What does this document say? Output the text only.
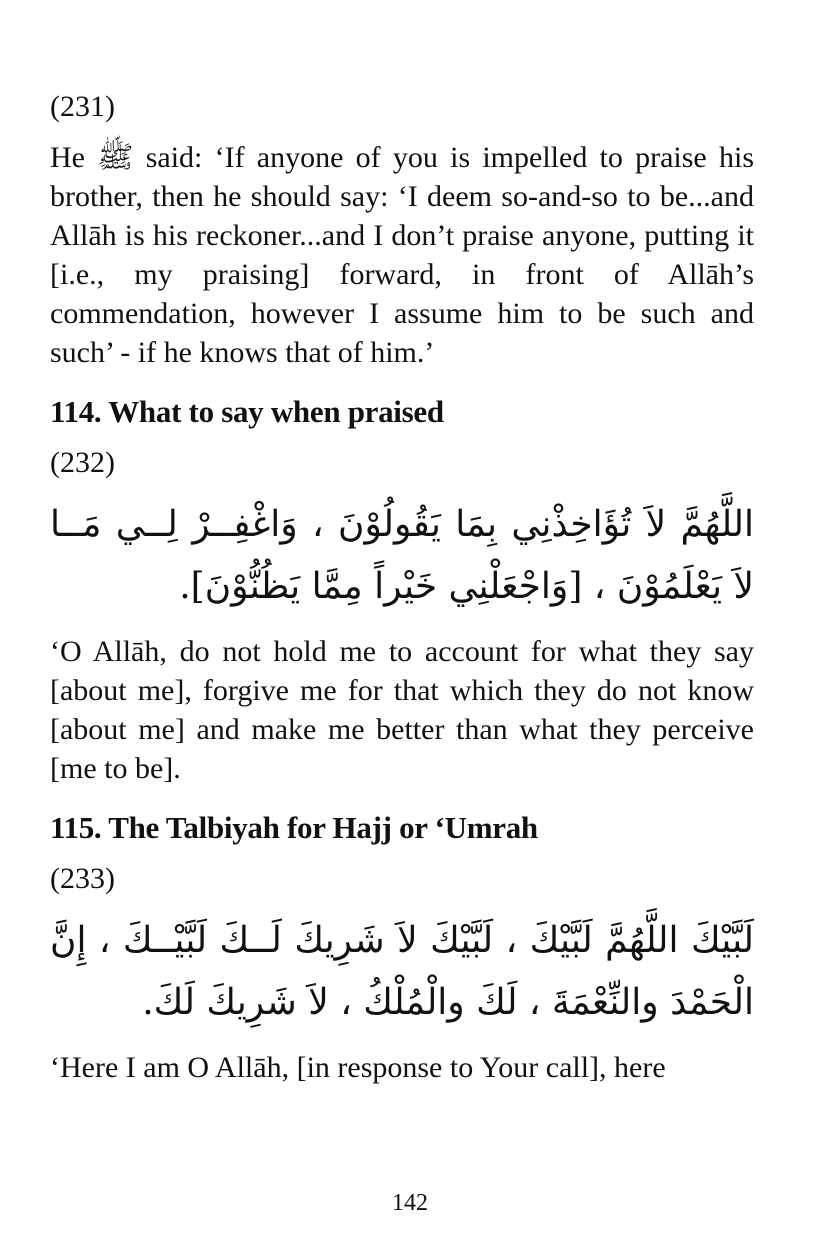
(231)

He ﷺ said: ‘If anyone of you is impelled to praise his brother, then he should say: ‘I deem so-and-so to be...and Allāh is his reckoner...and I don’t praise anyone, putting it [i.e., my praising] forward, in front of Allāh’s commendation, however I assume him to be such and such’ - if he knows that of him.’

114. What to say when praised
(232)
اللَّهُمَّ لاَ تُؤَاخِذْنِي بِمَا يَقُولُوْنَ ، وَاغْفِــرْ لِــي مَــا لاَ يَعْلَمُوْنَ ، [وَاجْعَلْنِي خَيْراً مِمَّا يَظُنُّوْنَ].

‘O Allāh, do not hold me to account for what they say [about me], forgive me for that which they do not know [about me] and make me better than what they perceive [me to be].

115. The Talbiyah for Hajj or ‘Umrah
(233)
لَبَّيْكَ اللَّهُمَّ لَبَّيْكَ ، لَبَّيْكَ لاَ شَرِيكَ لَــكَ لَبَّيْــكَ ، إِنَّ الْحَمْدَ والنِّعْمَةَ ، لَكَ والْمُلْكُ ، لاَ شَرِيكَ لَكَ.

‘Here I am O Allāh, [in response to Your call], here

142
